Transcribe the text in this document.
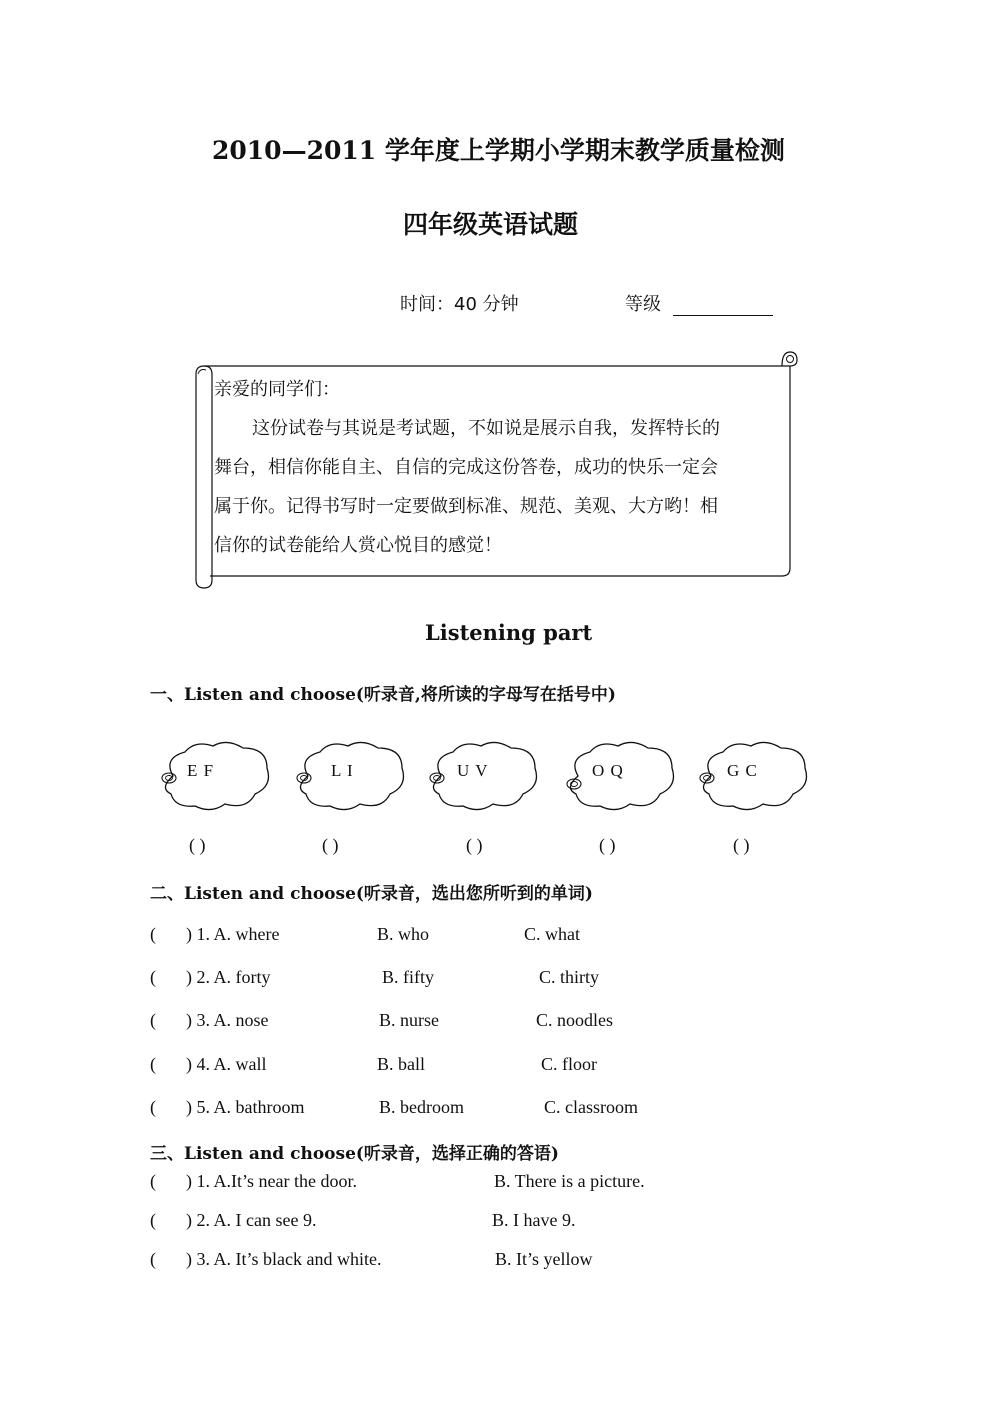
2010—2011 学年度上学期小学期末教学质量检测
四年级英语试题
时间：40 分钟	等级
亲爱的同学们：
这份试卷与其说是考试题，不如说是展示自我，发挥特长的
舞台，相信你能自主、自信的完成这份答卷，成功的快乐一定会
属于你。记得书写时一定要做到标准、规范、美观、大方哟！相
信你的试卷能给人赏心悦目的感觉！
Listening part
一、Listen and choose(听录音,将所读的字母写在括号中)
E F	L I	U V	O Q	G C
( )	( )	( )	( )	( )
二、Listen and choose(听录音，选出您所听到的单词)
( ) 1. A. where	B. who	C. what
( ) 2. A. forty	B. fifty	C. thirty
( ) 3. A. nose	B. nurse	C. noodles
( ) 4. A. wall	B. ball	C. floor
( ) 5. A. bathroom	B. bedroom	C. classroom
三、Listen and choose(听录音，选择正确的答语)
( ) 1. A.It’s near the door.	B. There is a picture.
( ) 2. A. I can see 9.	B. I have 9.
( ) 3. A. It’s black and white.	B. It’s yellow
